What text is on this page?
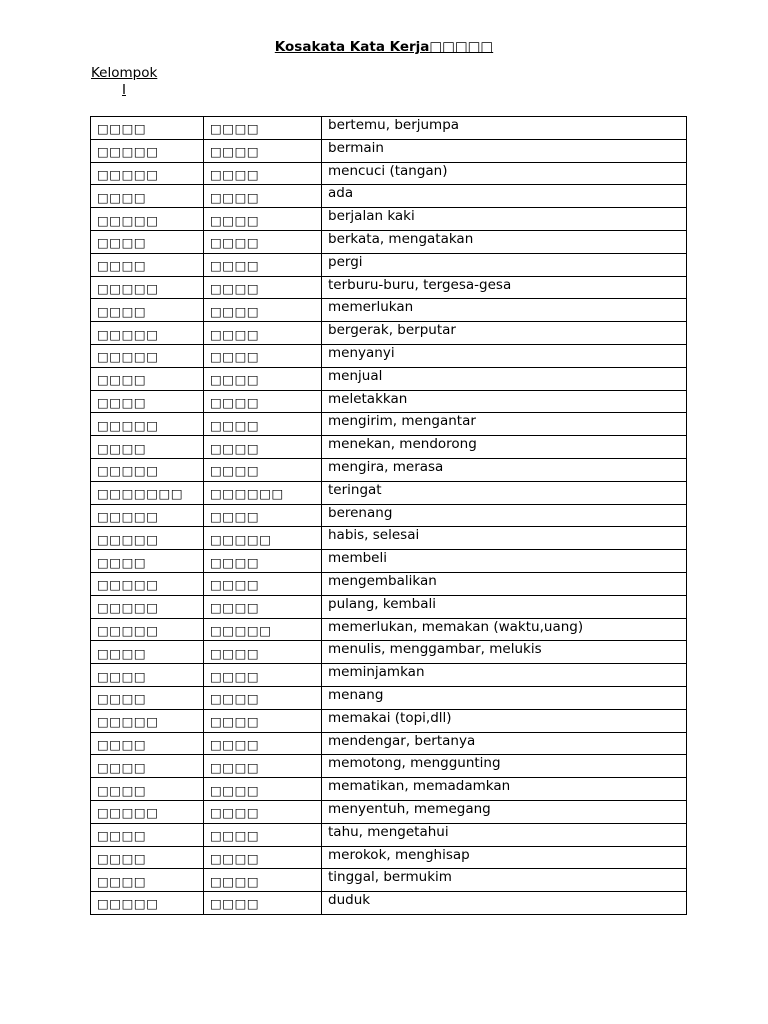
Kosakata Kata Kerja□□□□□
Kelompok
I
□□□□	□□□□	bertemu, berjumpa
□□□□□	□□□□	bermain
□□□□□	□□□□	mencuci (tangan)
□□□□	□□□□	ada
□□□□□	□□□□	berjalan kaki
□□□□	□□□□	berkata, mengatakan
□□□□	□□□□	pergi
□□□□□	□□□□	terburu-buru, tergesa-gesa
□□□□	□□□□	memerlukan
□□□□□	□□□□	bergerak, berputar
□□□□□	□□□□	menyanyi
□□□□	□□□□	menjual
□□□□	□□□□	meletakkan
□□□□□	□□□□	mengirim, mengantar
□□□□	□□□□	menekan, mendorong
□□□□□	□□□□	mengira, merasa
□□□□□□□	□□□□□□	teringat
□□□□□	□□□□	berenang
□□□□□	□□□□□	habis, selesai
□□□□	□□□□	membeli
□□□□□	□□□□	mengembalikan
□□□□□	□□□□	pulang, kembali
□□□□□	□□□□□	memerlukan, memakan (waktu,uang)
□□□□	□□□□	menulis, menggambar, melukis
□□□□	□□□□	meminjamkan
□□□□	□□□□	menang
□□□□□	□□□□	memakai (topi,dll)
□□□□	□□□□	mendengar, bertanya
□□□□	□□□□	memotong, menggunting
□□□□	□□□□	mematikan, memadamkan
□□□□□	□□□□	menyentuh, memegang
□□□□	□□□□	tahu, mengetahui
□□□□	□□□□	merokok, menghisap
□□□□	□□□□	tinggal, bermukim
□□□□□	□□□□	duduk
